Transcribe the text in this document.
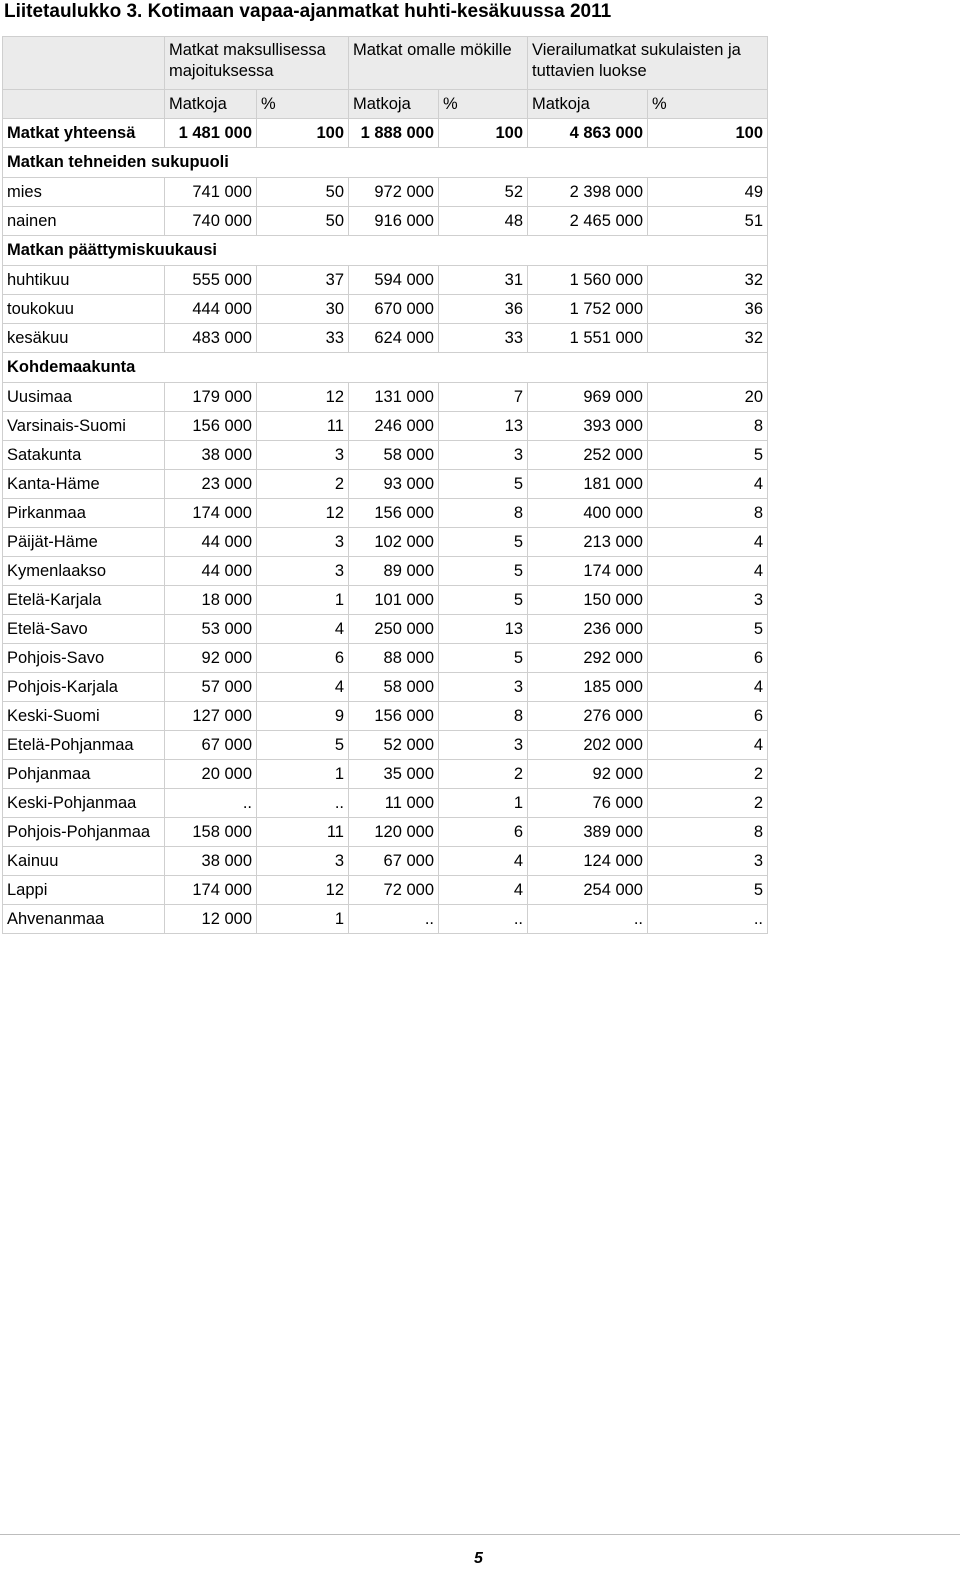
Liitetaulukko 3. Kotimaan vapaa-ajanmatkat huhti-kesäkuussa 2011
	Matkat maksullisessa majoituksessa		Matkat omalle mökille		Vierailumatkat sukulaisten ja tuttavien luokse	
	Matkoja	%	Matkoja	%	Matkoja	%
Matkat yhteensä	1 481 000	100	1 888 000	100	4 863 000	100
Matkan tehneiden sukupuoli						
mies	741 000	50	972 000	52	2 398 000	49
nainen	740 000	50	916 000	48	2 465 000	51
Matkan päättymiskuukausi						
huhtikuu	555 000	37	594 000	31	1 560 000	32
toukokuu	444 000	30	670 000	36	1 752 000	36
kesäkuu	483 000	33	624 000	33	1 551 000	32
Kohdemaakunta						
Uusimaa	179 000	12	131 000	7	969 000	20
Varsinais-Suomi	156 000	11	246 000	13	393 000	8
Satakunta	38 000	3	58 000	3	252 000	5
Kanta-Häme	23 000	2	93 000	5	181 000	4
Pirkanmaa	174 000	12	156 000	8	400 000	8
Päijät-Häme	44 000	3	102 000	5	213 000	4
Kymenlaakso	44 000	3	89 000	5	174 000	4
Etelä-Karjala	18 000	1	101 000	5	150 000	3
Etelä-Savo	53 000	4	250 000	13	236 000	5
Pohjois-Savo	92 000	6	88 000	5	292 000	6
Pohjois-Karjala	57 000	4	58 000	3	185 000	4
Keski-Suomi	127 000	9	156 000	8	276 000	6
Etelä-Pohjanmaa	67 000	5	52 000	3	202 000	4
Pohjanmaa	20 000	1	35 000	2	92 000	2
Keski-Pohjanmaa	..	..	11 000	1	76 000	2
Pohjois-Pohjanmaa	158 000	11	120 000	6	389 000	8
Kainuu	38 000	3	67 000	4	124 000	3
Lappi	174 000	12	72 000	4	254 000	5
Ahvenanmaa	12 000	1	..	..	..	..
5
